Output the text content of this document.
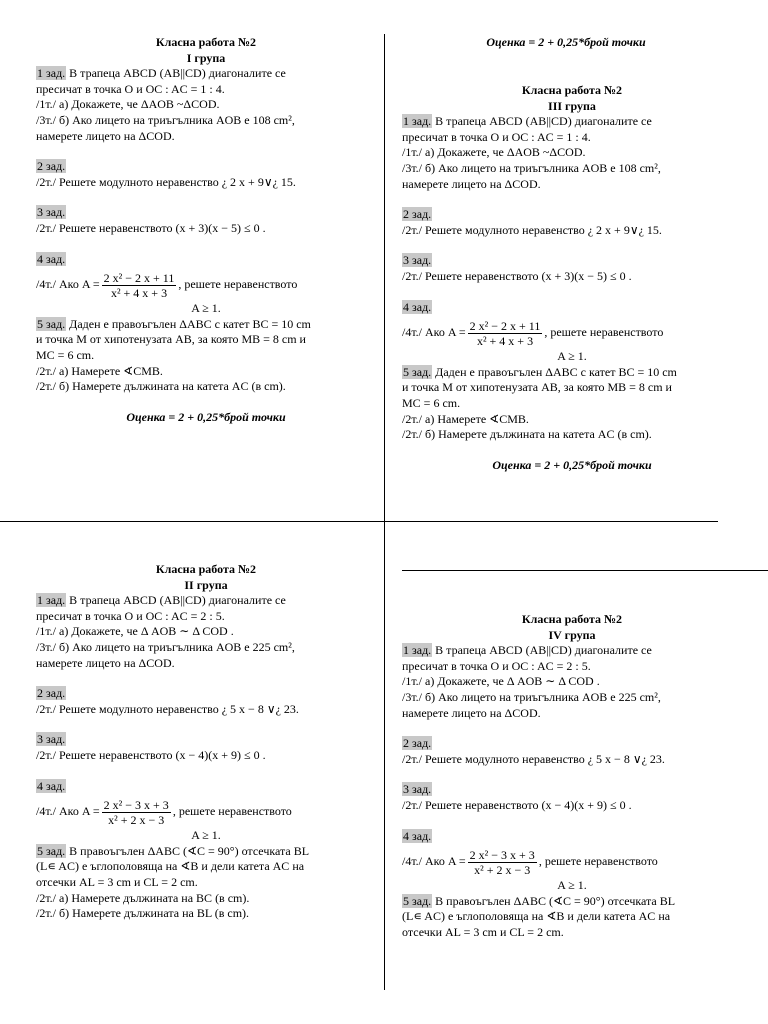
Класна работа №2
I група

1 зад. В трапеца ABCD (AB||CD) диагоналите се

пресичат в точка O и OC : AC = 1 : 4.

/1т./ а) Докажете, че ΔAOB ~ΔCOD.

/3т./ б) Ако лицето на триъгълника AOB е 108 cm²,

намерете лицето на ΔCOD.

2 зад.

/2т./ Решете модулното неравенство ¿ 2 x + 9∨¿ 15.

3 зад.

/2т./ Решете неравенството (x + 3)(x − 5) ≤ 0 .

4 зад.

/4т./ Ако $A = \frac{\text{2 x² − 2 x + 11}}{\text{x² + 4 x + 3}}$ , решете неравенството

A ≥ 1.

5 зад. Даден е правоъгълен ΔABC с катет BC = 10 cm

и точка M от хипотенузата AB, за която MB = 8 cm и

MC = 6 cm.

/2т./ а) Намерете ∢CMB.

/2т./ б) Намерете дължината на катета AC (в cm).

Оценка = 2 + 0,25*брой точки
Оценка = 2 + 0,25*брой точки
Класна работа №2
III група

1 зад. В трапеца ABCD (AB||CD) диагоналите се

пресичат в точка O и OC : AC = 1 : 4.

/1т./ а) Докажете, че ΔAOB ~ΔCOD.

/3т./ б) Ако лицето на триъгълника AOB е 108 cm²,

намерете лицето на ΔCOD.

2 зад.

/2т./ Решете модулното неравенство ¿ 2 x + 9∨¿ 15.

3 зад.

/2т./ Решете неравенството (x + 3)(x − 5) ≤ 0 .

4 зад.

/4т./ Ако $A = \frac{\text{2 x² − 2 x + 11}}{\text{x² + 4 x + 3}}$ , решете неравенството

A ≥ 1.

5 зад. Даден е правоъгълен ΔABC с катет BC = 10 cm

и точка M от хипотенузата AB, за която MB = 8 cm и

MC = 6 cm.

/2т./ а) Намерете ∢CMB.

/2т./ б) Намерете дължината на катета AC (в cm).

Оценка = 2 + 0,25*брой точки
Класна работа №2
II група

1 зад. В трапеца ABCD (AB||CD) диагоналите се

пресичат в точка O и OC : AC = 2 : 5.

/1т./ а) Докажете, че Δ AOB ∼ Δ COD .

/3т./ б) Ако лицето на триъгълника AOB е 225 cm²,

намерете лицето на ΔCOD.

2 зад.

/2т./ Решете модулното неравенство ¿ 5 x − 8 ∨¿ 23.

3 зад.

/2т./ Решете неравенството (x − 4)(x + 9) ≤ 0 .

4 зад.

/4т./ Ако $A = \frac{\text{2 x² − 3 x + 3}}{\text{x² + 2 x − 3}}$ , решете неравенството

A ≥ 1.

5 зад. В правоъгълен ΔABC (∢C = 90°) отсечката BL

(L∊ AC) е ъглополовяща на ∢B и дели катета AC на

отсечки AL = 3 cm и CL = 2 cm.

/2т./ а) Намерете дължината на BC (в cm).

/2т./ б) Намерете дължината на BL (в cm).

Класна работа №2
IV група

1 зад. В трапеца ABCD (AB||CD) диагоналите се

пресичат в точка O и OC : AC = 2 : 5.

/1т./ а) Докажете, че Δ AOB ∼ Δ COD .

/3т./ б) Ако лицето на триъгълника AOB е 225 cm²,

намерете лицето на ΔCOD.

2 зад.

/2т./ Решете модулното неравенство ¿ 5 x − 8 ∨¿ 23.

3 зад.

/2т./ Решете неравенството (x − 4)(x + 9) ≤ 0 .

4 зад.

/4т./ Ако $A = \frac{\text{2 x² − 3 x + 3}}{\text{x² + 2 x − 3}}$ , решете неравенството

A ≥ 1.

5 зад. В правоъгълен ΔABC (∢C = 90°) отсечката BL

(L∊ AC) е ъглополовяща на ∢B и дели катета AC на

отсечки AL = 3 cm и CL = 2 cm.
